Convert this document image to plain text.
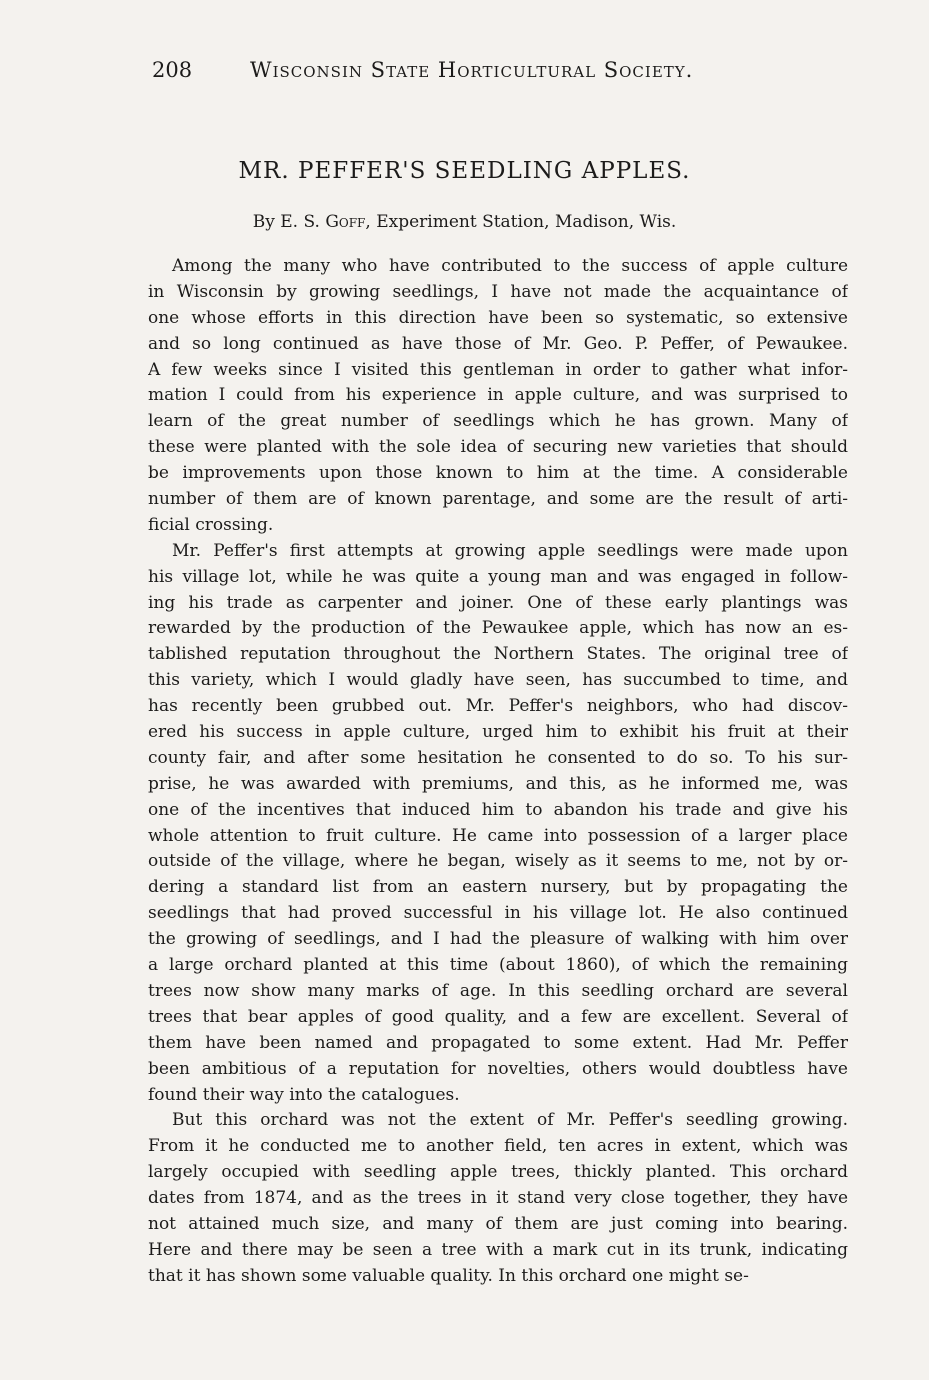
208	Wisconsin State Horticultural Society.
MR. PEFFER'S SEEDLING APPLES.
By E. S. Goff, Experiment Station, Madison, Wis.
Among the many who have contributed to the success of apple culture
in Wisconsin by growing seedlings, I have not made the acquaintance of
one whose efforts in this direction have been so systematic, so extensive
and so long continued as have those of Mr. Geo. P. Peffer, of Pewaukee.
A few weeks since I visited this gentleman in order to gather what infor-
mation I could from his experience in apple culture, and was surprised to
learn of the great number of seedlings which he has grown. Many of
these were planted with the sole idea of securing new varieties that should
be improvements upon those known to him at the time. A considerable
number of them are of known parentage, and some are the result of arti-
ficial crossing.
Mr. Peffer's first attempts at growing apple seedlings were made upon
his village lot, while he was quite a young man and was engaged in follow-
ing his trade as carpenter and joiner. One of these early plantings was
rewarded by the production of the Pewaukee apple, which has now an es-
tablished reputation throughout the Northern States. The original tree of
this variety, which I would gladly have seen, has succumbed to time, and
has recently been grubbed out. Mr. Peffer's neighbors, who had discov-
ered his success in apple culture, urged him to exhibit his fruit at their
county fair, and after some hesitation he consented to do so. To his sur-
prise, he was awarded with premiums, and this, as he informed me, was
one of the incentives that induced him to abandon his trade and give his
whole attention to fruit culture. He came into possession of a larger place
outside of the village, where he began, wisely as it seems to me, not by or-
dering a standard list from an eastern nursery, but by propagating the
seedlings that had proved successful in his village lot. He also continued
the growing of seedlings, and I had the pleasure of walking with him over
a large orchard planted at this time (about 1860), of which the remaining
trees now show many marks of age. In this seedling orchard are several
trees that bear apples of good quality, and a few are excellent. Several of
them have been named and propagated to some extent. Had Mr. Peffer
been ambitious of a reputation for novelties, others would doubtless have
found their way into the catalogues.
But this orchard was not the extent of Mr. Peffer's seedling growing.
From it he conducted me to another field, ten acres in extent, which was
largely occupied with seedling apple trees, thickly planted. This orchard
dates from 1874, and as the trees in it stand very close together, they have
not attained much size, and many of them are just coming into bearing.
Here and there may be seen a tree with a mark cut in its trunk, indicating
that it has shown some valuable quality. In this orchard one might se-
